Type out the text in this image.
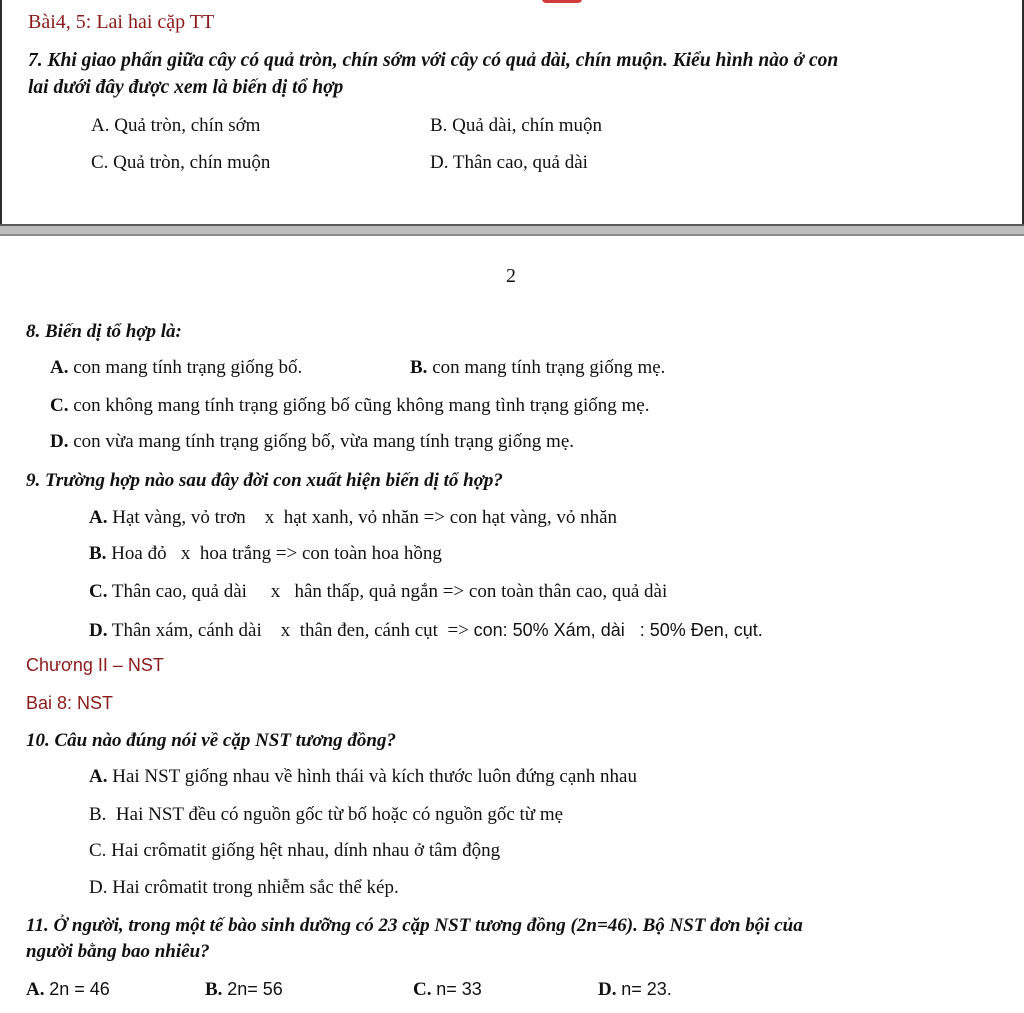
Bài4, 5: Lai hai cặp TT
7. Khi giao phấn giữa cây có quả tròn, chín sớm với cây có quả dài, chín muộn. Kiểu hình nào ở con
lai dưới đây được xem là biến dị tổ hợp
A. Quả tròn, chín sớm	B. Quả dài, chín muộn
C. Quả tròn, chín muộn	D. Thân cao, quả dài
2
8. Biến dị tổ hợp là:
A. con mang tính trạng giống bố.	B. con mang tính trạng giống mẹ.
C. con không mang tính trạng giống bố cũng không mang tình trạng giống mẹ.
D. con vừa mang tính trạng giống bố, vừa mang tính trạng giống mẹ.
9. Trường hợp nào sau đây đời con xuất hiện biến dị tổ hợp?
A. Hạt vàng, vỏ trơn    x  hạt xanh, vỏ nhăn => con hạt vàng, vỏ nhăn
B. Hoa đỏ   x  hoa trắng => con toàn hoa hồng
C. Thân cao, quả dài     x   hân thấp, quả ngắn => con toàn thân cao, quả dài
D. Thân xám, cánh dài    x  thân đen, cánh cụt  => con: 50% Xám, dài   : 50% Đen, cụt.
Chương II – NST
Bai 8: NST
10. Câu nào đúng nói về cặp NST tương đồng?
A. Hai NST giống nhau về hình thái và kích thước luôn đứng cạnh nhau
B.  Hai NST đều có nguồn gốc từ bố hoặc có nguồn gốc từ mẹ
C. Hai crômatit giống hệt nhau, dính nhau ở tâm động
D. Hai crômatit trong nhiễm sắc thể kép.
11. Ở người, trong một tế bào sinh dưỡng có 23 cặp NST tương đồng (2n=46). Bộ NST đơn bội của
người bằng bao nhiêu?
A. 2n = 46	B. 2n= 56	C. n= 33	D. n= 23.
